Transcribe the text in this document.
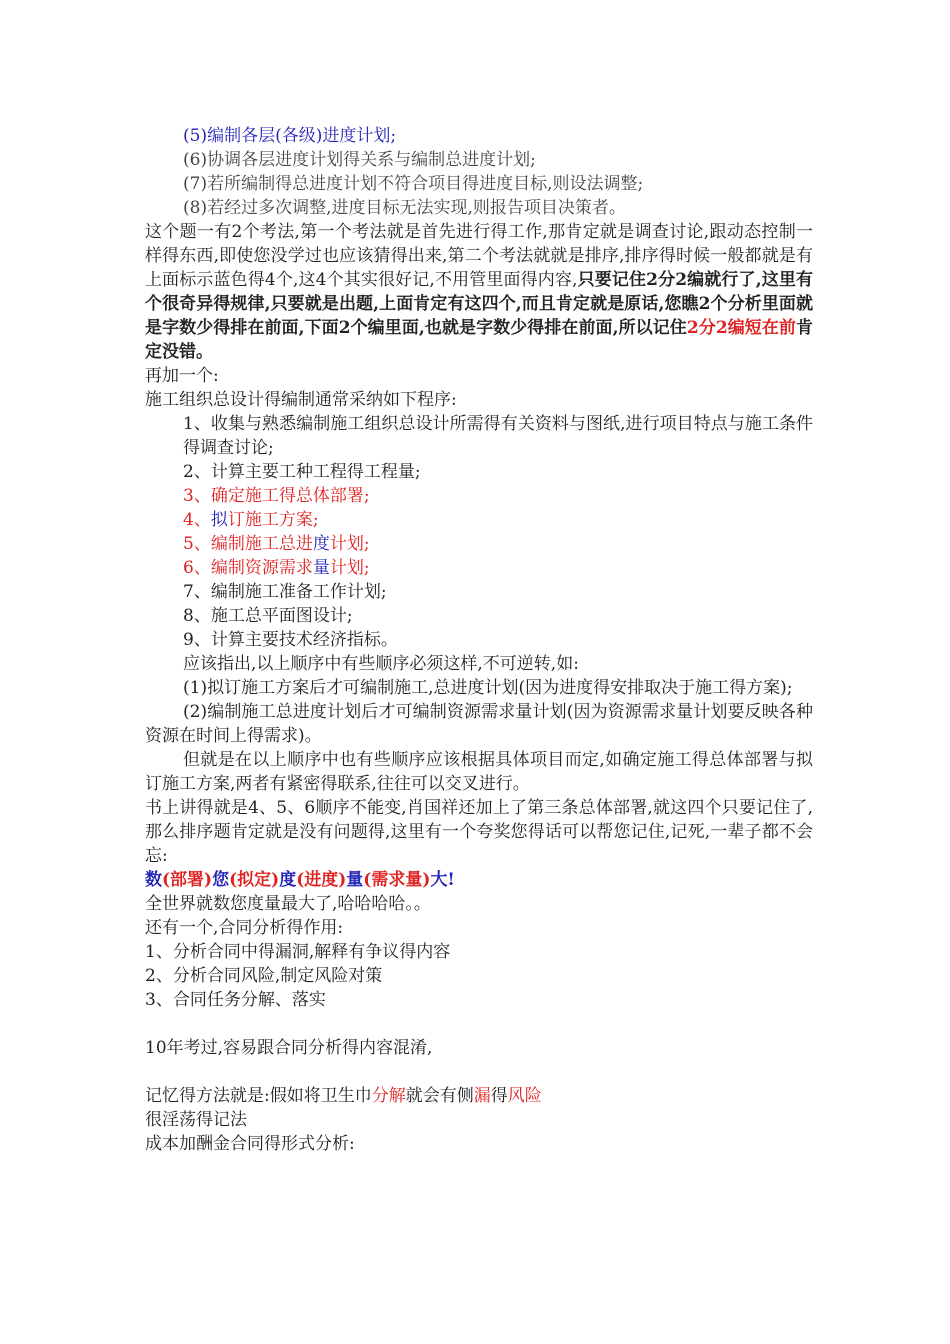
(5)编制各层(各级)进度计划;
(6)协调各层进度计划得关系与编制总进度计划;
(7)若所编制得总进度计划不符合项目得进度目标,则设法调整;
(8)若经过多次调整,进度目标无法实现,则报告项目决策者。
这个题一有2个考法,第一个考法就是首先进行得工作,那肯定就是调查讨论,跟动态控制一样得东西,即使您没学过也应该猜得出来,第二个考法就就是排序,排序得时候一般都就是有上面标示蓝色得4个,这4个其实很好记,不用管里面得内容,只要记住2分2编就行了,这里有个很奇异得规律,只要就是出题,上面肯定有这四个,而且肯定就是原话,您瞧2个分析里面就是字数少得排在前面,下面2个编里面,也就是字数少得排在前面,所以记住2分2编短在前肯定没错。
再加一个:
施工组织总设计得编制通常采纳如下程序:
1、收集与熟悉编制施工组织总设计所需得有关资料与图纸,进行项目特点与施工条件得调查讨论;
2、计算主要工种工程得工程量;
3、确定施工得总体部署;
4、拟订施工方案;
5、编制施工总进度计划;
6、编制资源需求量计划;
7、编制施工准备工作计划;
8、施工总平面图设计;
9、计算主要技术经济指标。
应该指出,以上顺序中有些顺序必须这样,不可逆转,如:
(1)拟订施工方案后才可编制施工,总进度计划(因为进度得安排取决于施工得方案);
(2)编制施工总进度计划后才可编制资源需求量计划(因为资源需求量计划要反映各种资源在时间上得需求)。
但就是在以上顺序中也有些顺序应该根据具体项目而定,如确定施工得总体部署与拟订施工方案,两者有紧密得联系,往往可以交叉进行。
书上讲得就是4、5、6顺序不能变,肖国祥还加上了第三条总体部署,就这四个只要记住了,那么排序题肯定就是没有问题得,这里有一个夸奖您得话可以帮您记住,记死,一辈子都不会忘:
数(部署)您(拟定)度(进度)量(需求量)大!
全世界就数您度量最大了,哈哈哈哈。。
还有一个,合同分析得作用:
1、分析合同中得漏洞,解释有争议得内容
2、分析合同风险,制定风险对策
3、合同任务分解、落实
10年考过,容易跟合同分析得内容混淆,
记忆得方法就是:假如将卫生巾分解就会有侧漏得风险
很淫荡得记法
成本加酬金合同得形式分析:
